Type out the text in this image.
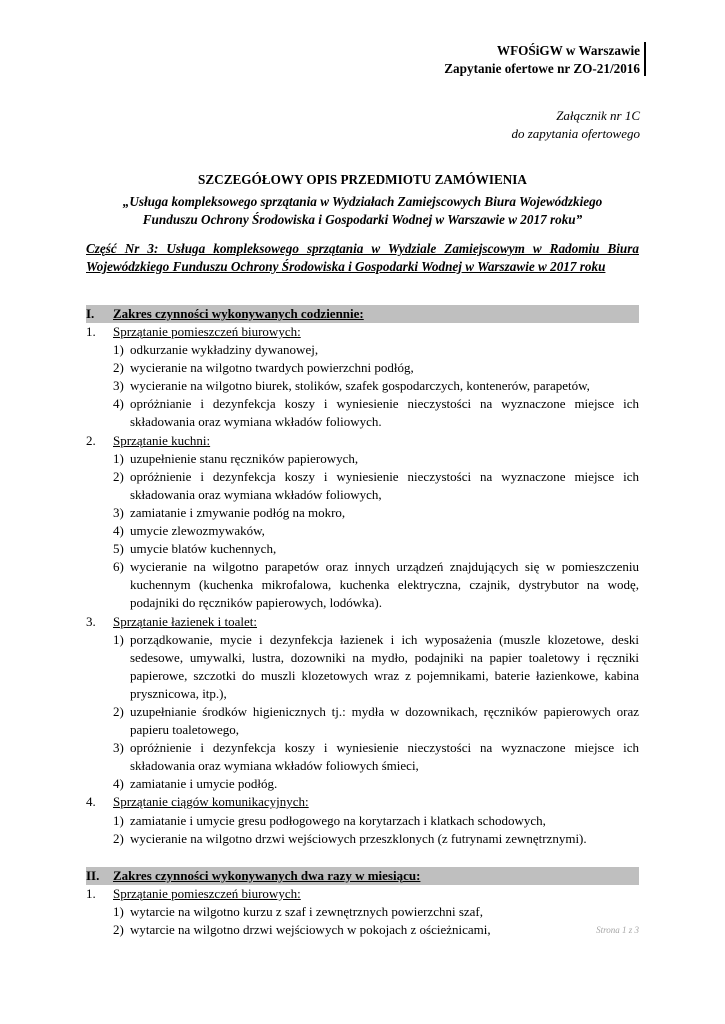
WFOŚiGW w Warszawie
Zapytanie ofertowe nr ZO-21/2016
Załącznik nr 1C
do zapytania ofertowego
SZCZEGÓŁOWY OPIS PRZEDMIOTU ZAMÓWIENIA
„Usługa kompleksowego sprzątania w Wydziałach Zamiejscowych Biura Wojewódzkiego
Funduszu Ochrony Środowiska i Gospodarki Wodnej w Warszawie w 2017 roku”
Część Nr 3: Usługa kompleksowego sprzątania w Wydziale Zamiejscowym w Radomiu Biura Wojewódzkiego Funduszu Ochrony Środowiska i Gospodarki Wodnej w Warszawie w 2017 roku
I.	Zakres czynności wykonywanych codziennie:
1.	Sprzątanie pomieszczeń biurowych:
1) odkurzanie wykładziny dywanowej,
2) wycieranie na wilgotno twardych powierzchni podłóg,
3) wycieranie na wilgotno biurek, stolików, szafek gospodarczych, kontenerów, parapetów,
4) opróżnianie i dezynfekcja koszy i wyniesienie nieczystości na wyznaczone miejsce ich składowania oraz wymiana wkładów foliowych.
2.	Sprzątanie kuchni:
1) uzupełnienie stanu ręczników papierowych,
2) opróżnienie i dezynfekcja koszy i wyniesienie nieczystości na wyznaczone miejsce ich składowania oraz wymiana wkładów foliowych,
3) zamiatanie i zmywanie podłóg na mokro,
4) umycie zlewozmywaków,
5) umycie blatów kuchennych,
6) wycieranie na wilgotno parapetów oraz innych urządzeń znajdujących się w pomieszczeniu kuchennym (kuchenka mikrofalowa, kuchenka elektryczna, czajnik, dystrybutor na wodę, podajniki do ręczników papierowych, lodówka).
3.	Sprzątanie łazienek i toalet:
1) porządkowanie, mycie i dezynfekcja łazienek i ich wyposażenia (muszle klozetowe, deski sedesowe, umywalki, lustra, dozowniki na mydło, podajniki na papier toaletowy i ręczniki papierowe, szczotki do muszli klozetowych wraz z pojemnikami, baterie łazienkowe, kabina prysznicowa, itp.),
2) uzupełnianie środków higienicznych tj.: mydła w dozownikach, ręczników papierowych oraz papieru toaletowego,
3) opróżnienie i dezynfekcja koszy i wyniesienie nieczystości na wyznaczone miejsce ich składowania oraz wymiana wkładów foliowych śmieci,
4) zamiatanie i umycie podłóg.
4.	Sprzątanie ciągów komunikacyjnych:
1) zamiatanie i umycie gresu podłogowego na korytarzach i klatkach schodowych,
2) wycieranie na wilgotno drzwi wejściowych przeszklonych (z futrynami zewnętrznymi).
II.	Zakres czynności wykonywanych dwa razy w miesiącu:
1.	Sprzątanie pomieszczeń biurowych:
1) wytarcie na wilgotno kurzu z szaf i zewnętrznych powierzchni szaf,
2) wytarcie na wilgotno drzwi wejściowych w pokojach z ościeżnicami,	Strona 1 z 3
